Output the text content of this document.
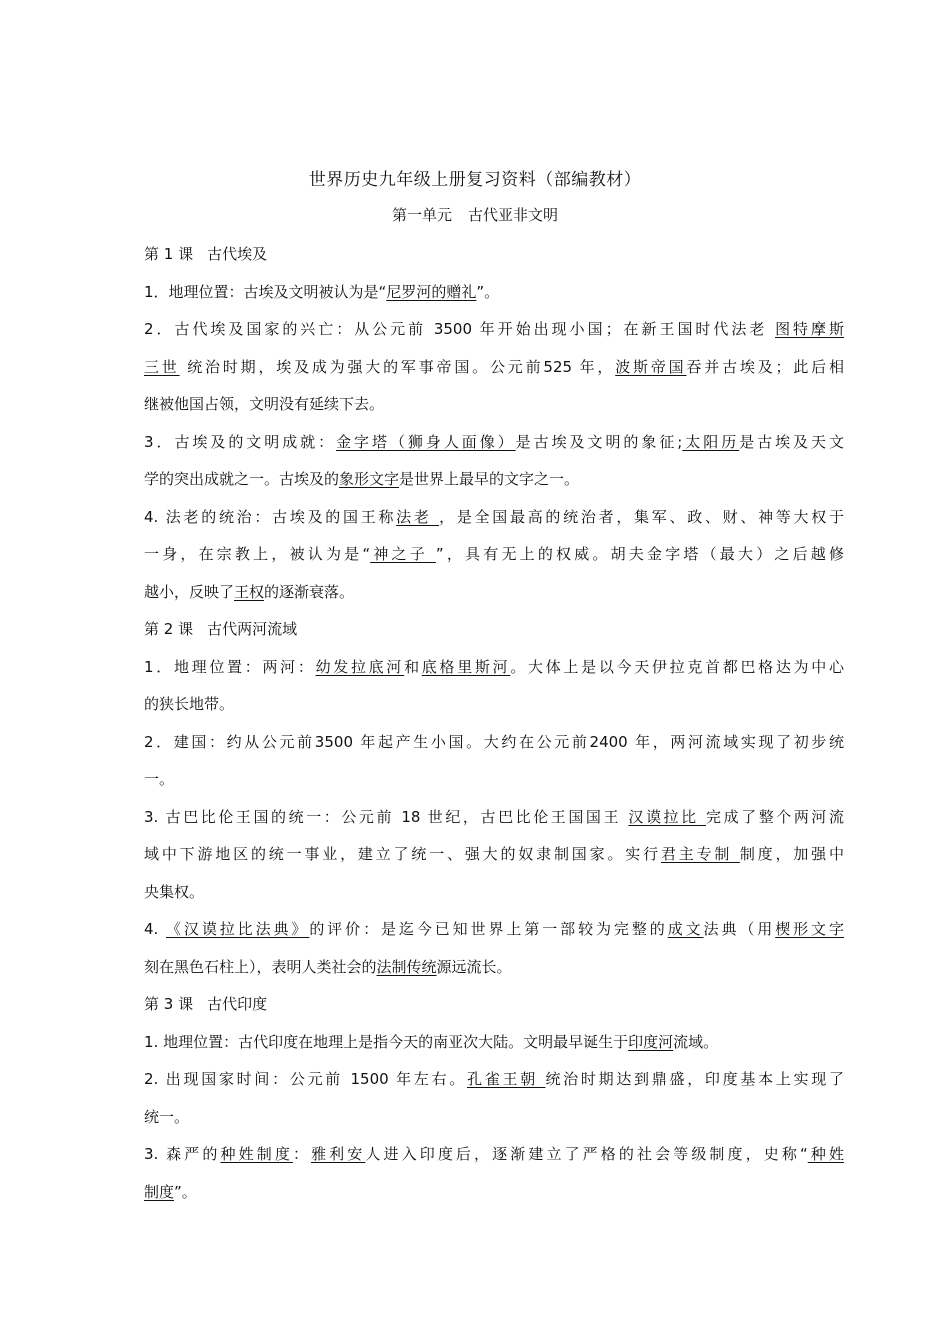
世界历史九年级上册复习资料（部编教材）
第一单元 古代亚非文明
第 1 课 古代埃及
1．地理位置：古埃及文明被认为是“尼罗河的赠礼”。
2．古代埃及国家的兴亡：从公元前 3500 年开始出现小国；在新王国时代法老 图特摩斯
三世 统治时期，埃及成为强大的军事帝国。公元前525 年，波斯帝国吞并古埃及；此后相
继被他国占领，文明没有延续下去。
3．古埃及的文明成就：金字塔（狮身人面像）是古埃及文明的象征;太阳历是古埃及天文
学的突出成就之一。古埃及的象形文字是世界上最早的文字之一。
4. 法老的统治：古埃及的国王称法老 ，是全国最高的统治者，集军、政、财、神等大权于
一身，在宗教上，被认为是“神之子 ”，具有无上的权威。胡夫金字塔（最大）之后越修
越小，反映了王权的逐渐衰落。
第 2 课 古代两河流域
1．地理位置：两河：幼发拉底河和底格里斯河。大体上是以今天伊拉克首都巴格达为中心
的狭长地带。
2．建国：约从公元前3500 年起产生小国。大约在公元前2400 年，两河流域实现了初步统
一。
3. 古巴比伦王国的统一：公元前 18 世纪，古巴比伦王国国王 汉谟拉比 完成了整个两河流
域中下游地区的统一事业，建立了统一、强大的奴隶制国家。实行君主专制 制度，加强中
央集权。
4. 《汉谟拉比法典》的评价：是迄今已知世界上第一部较为完整的成文法典（用楔形文字
刻在黑色石柱上），表明人类社会的法制传统源远流长。
第 3 课 古代印度
1. 地理位置：古代印度在地理上是指今天的南亚次大陆。文明最早诞生于印度河流域。
2. 出现国家时间：公元前 1500 年左右。孔雀王朝 统治时期达到鼎盛，印度基本上实现了
统一。
3. 森严的种姓制度：雅利安人进入印度后，逐渐建立了严格的社会等级制度，史称“种姓
制度”。
